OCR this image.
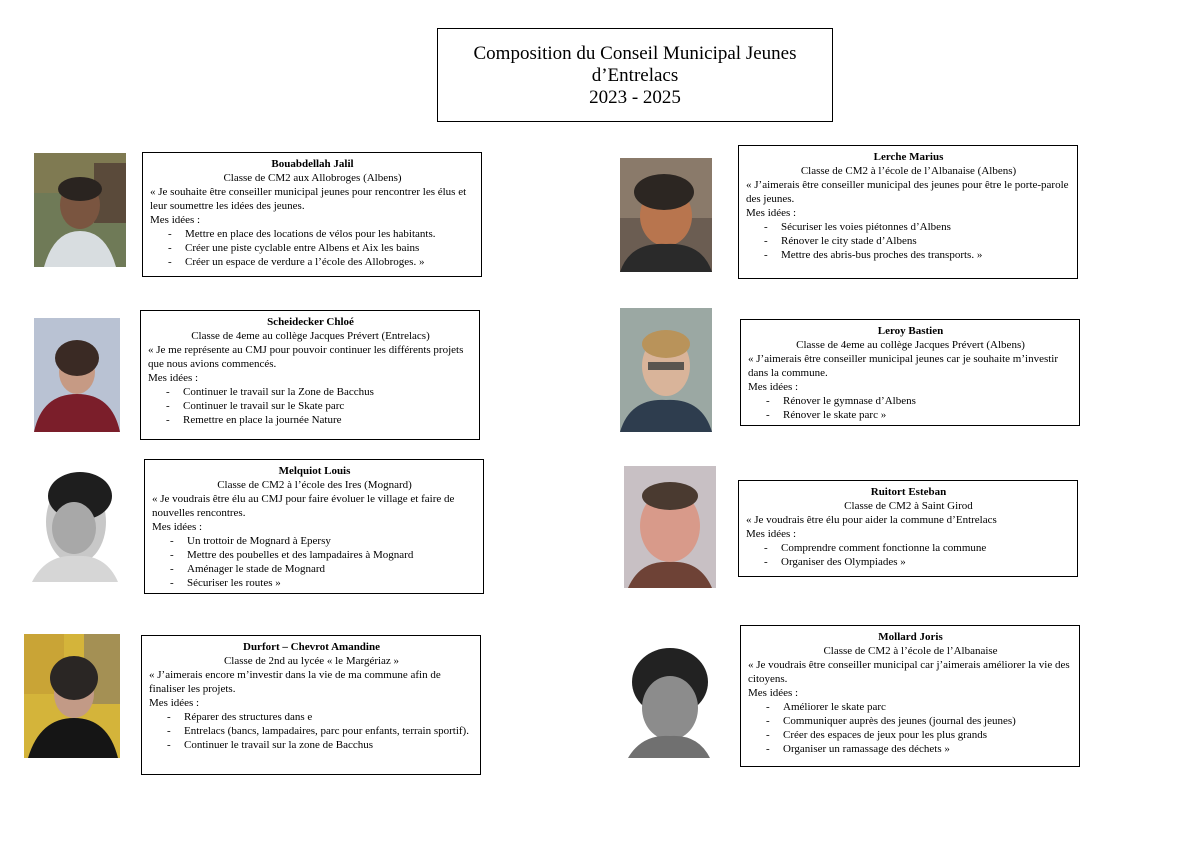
Composition du Conseil Municipal Jeunes
d’Entrelacs
2023 - 2025
Bouabdellah Jalil
Classe de CM2 aux Allobroges (Albens)
« Je souhaite être conseiller municipal jeunes pour rencontrer les élus et leur soumettre les idées des jeunes.
Mes idées :
- Mettre en place des locations de vélos pour les habitants.
- Créer une piste cyclable entre Albens et Aix les bains
- Créer un espace de verdure a l’école des Allobroges. »
Lerche Marius
Classe de CM2 à l’école de l’Albanaise (Albens)
« J’aimerais être conseiller municipal des jeunes pour être le porte-parole des jeunes.
Mes idées :
- Sécuriser les voies piétonnes d’Albens
- Rénover le city stade d’Albens
- Mettre des abris-bus proches des transports. »
Scheidecker Chloé
Classe de 4eme au collège Jacques Prévert (Entrelacs)
« Je me représente au CMJ pour pouvoir continuer les différents projets que nous avions commencés.
Mes idées :
- Continuer le travail sur la Zone de Bacchus
- Continuer le travail sur le Skate parc
- Remettre en place la journée Nature
Leroy Bastien
Classe de 4eme au collège Jacques Prévert (Albens)
« J’aimerais être conseiller municipal jeunes car je souhaite m’investir dans la commune.
Mes idées :
- Rénover le gymnase d’Albens
- Rénover le skate parc »
Melquiot Louis
Classe de CM2 à l’école des Ires (Mognard)
« Je voudrais être élu au CMJ pour faire évoluer le village et faire de nouvelles rencontres.
Mes idées :
- Un trottoir de Mognard à Epersy
- Mettre des poubelles et des lampadaires à Mognard
- Aménager le stade de Mognard
- Sécuriser les routes »
Ruitort Esteban
Classe de CM2 à Saint Girod
« Je voudrais être élu pour aider la commune d’Entrelacs
Mes idées :
- Comprendre comment fonctionne la commune
- Organiser des Olympiades »
Durfort – Chevrot Amandine
Classe de 2nd au lycée « le Margériaz »
« J’aimerais encore m’investir dans la vie de ma commune afin de finaliser les projets.
Mes idées :
- Réparer des structures dans e
- Entrelacs (bancs, lampadaires, parc pour enfants, terrain sportif).
- Continuer le travail sur la zone de Bacchus
Mollard Joris
Classe de CM2 à l’école de l’Albanaise
« Je voudrais être conseiller municipal car j’aimerais améliorer la vie des citoyens.
Mes idées :
- Améliorer le skate parc
- Communiquer auprès des jeunes (journal des jeunes)
- Créer des espaces de jeux pour les plus grands
- Organiser un ramassage des déchets »
